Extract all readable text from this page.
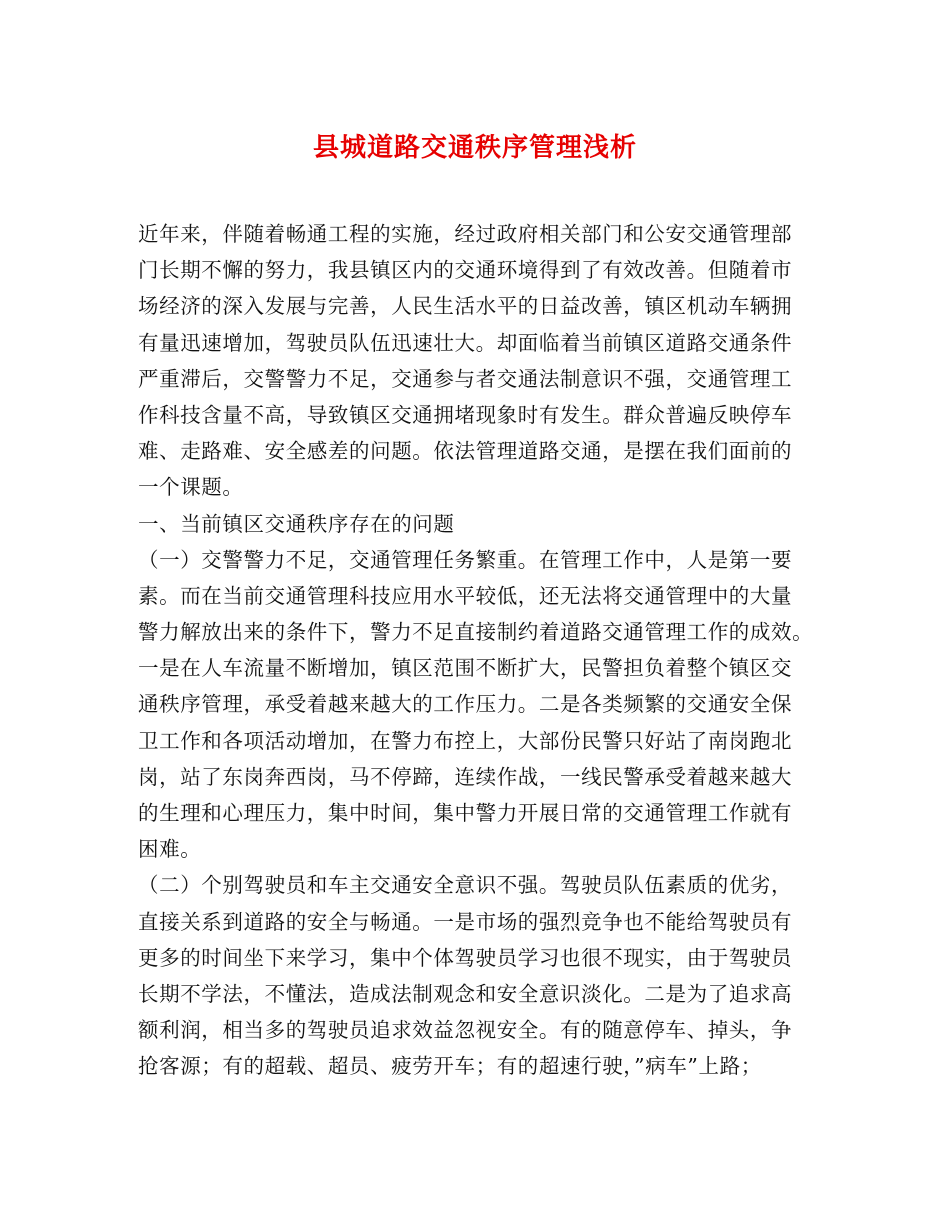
县城道路交通秩序管理浅析
近年来，伴随着畅通工程的实施，经过政府相关部门和公安交通管理部
门长期不懈的努力，我县镇区内的交通环境得到了有效改善。但随着市
场经济的深入发展与完善，人民生活水平的日益改善，镇区机动车辆拥
有量迅速增加，驾驶员队伍迅速壮大。却面临着当前镇区道路交通条件
严重滞后，交警警力不足，交通参与者交通法制意识不强，交通管理工
作科技含量不高，导致镇区交通拥堵现象时有发生。群众普遍反映停车
难、走路难、安全感差的问题。依法管理道路交通，是摆在我们面前的
一个课题。
一、当前镇区交通秩序存在的问题
（一）交警警力不足，交通管理任务繁重。在管理工作中，人是第一要
素。而在当前交通管理科技应用水平较低，还无法将交通管理中的大量
警力解放出来的条件下，警力不足直接制约着道路交通管理工作的成效。
一是在人车流量不断增加，镇区范围不断扩大，民警担负着整个镇区交
通秩序管理，承受着越来越大的工作压力。二是各类频繁的交通安全保
卫工作和各项活动增加，在警力布控上，大部份民警只好站了南岗跑北
岗，站了东岗奔西岗，马不停蹄，连续作战，一线民警承受着越来越大
的生理和心理压力，集中时间，集中警力开展日常的交通管理工作就有
困难。
（二）个别驾驶员和车主交通安全意识不强。驾驶员队伍素质的优劣，
直接关系到道路的安全与畅通。一是市场的强烈竞争也不能给驾驶员有
更多的时间坐下来学习，集中个体驾驶员学习也很不现实，由于驾驶员
长期不学法，不懂法，造成法制观念和安全意识淡化。二是为了追求高
额利润，相当多的驾驶员追求效益忽视安全。有的随意停车、掉头，争
抢客源；有的超载、超员、疲劳开车；有的超速行驶，”病车”上路；
